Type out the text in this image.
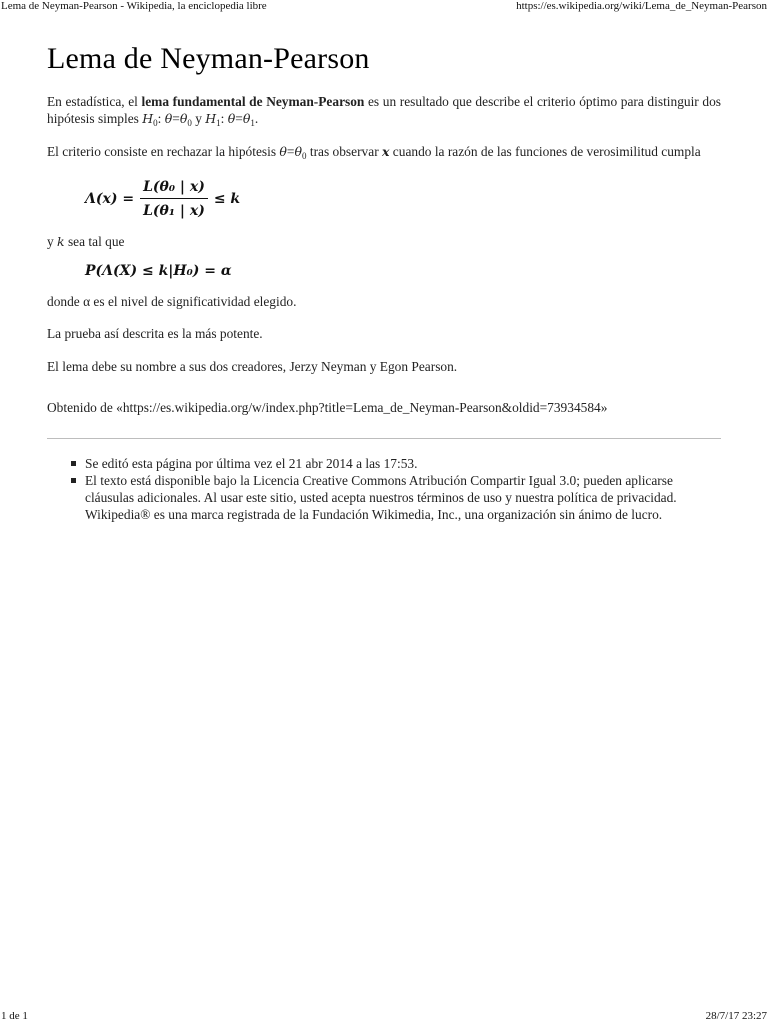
Lema de Neyman-Pearson - Wikipedia, la enciclopedia libre	https://es.wikipedia.org/wiki/Lema_de_Neyman-Pearson
Lema de Neyman-Pearson

En estadística, el lema fundamental de Neyman-Pearson es un resultado que describe el criterio óptimo para distinguir dos hipótesis simples $H_0$: $\theta=\theta_0$ y $H_1$: $\theta=\theta_1$.

El criterio consiste en rechazar la hipótesis $\theta=\theta_0$ tras observar x cuando la razón de las funciones de verosimilitud cumpla

$\Lambda(x) = \frac{\text{L(θ₀ | x)}}{\text{L(θ₁ | x)}} \le k$

y k sea tal que

P(Λ(X) ≤ k|H₀) = α

donde α es el nivel de significatividad elegido.

La prueba así descrita es la más potente.

El lema debe su nombre a sus dos creadores, Jerzy Neyman y Egon Pearson.

Obtenido de «https://es.wikipedia.org/w/index.php?title=Lema_de_Neyman-Pearson&oldid=73934584»

Se editó esta página por última vez el 21 abr 2014 a las 17:53.
El texto está disponible bajo la Licencia Creative Commons Atribución Compartir Igual 3.0; pueden aplicarse cláusulas adicionales. Al usar este sitio, usted acepta nuestros términos de uso y nuestra política de privacidad.
Wikipedia® es una marca registrada de la Fundación Wikimedia, Inc., una organización sin ánimo de lucro.
1 de 1	28/7/17 23:27
